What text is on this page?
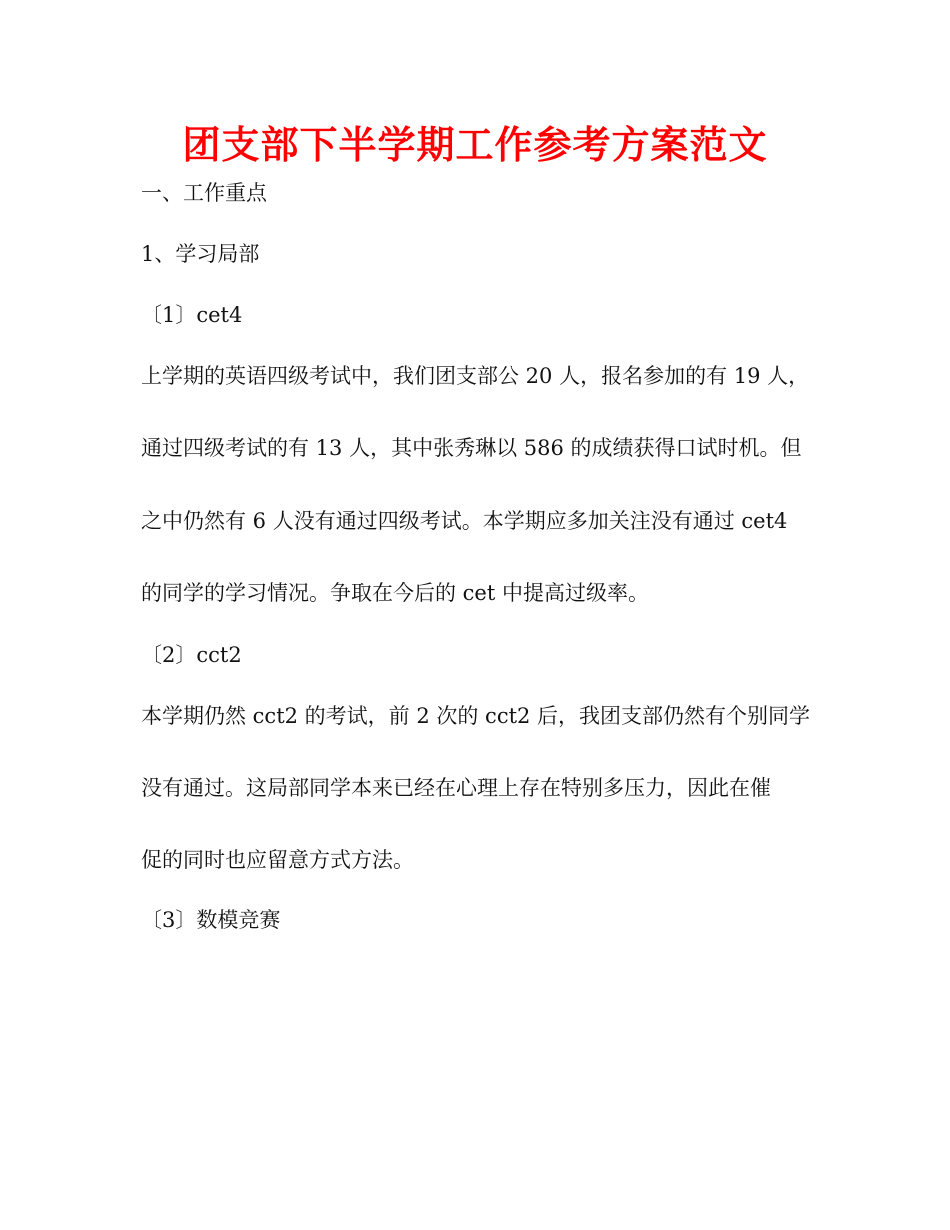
团支部下半学期工作参考方案范文
一、工作重点
1、学习局部
〔1〕cet4
上学期的英语四级考试中，我们团支部公 20 人，报名参加的有 19 人，
通过四级考试的有 13 人，其中张秀琳以 586 的成绩获得口试时机。但
之中仍然有 6 人没有通过四级考试。本学期应多加关注没有通过 cet4
的同学的学习情况。争取在今后的 cet 中提高过级率。
〔2〕cct2
本学期仍然 cct2 的考试，前 2 次的 cct2 后，我团支部仍然有个别同学
没有通过。这局部同学本来已经在心理上存在特别多压力，因此在催
促的同时也应留意方式方法。
〔3〕数模竞赛
